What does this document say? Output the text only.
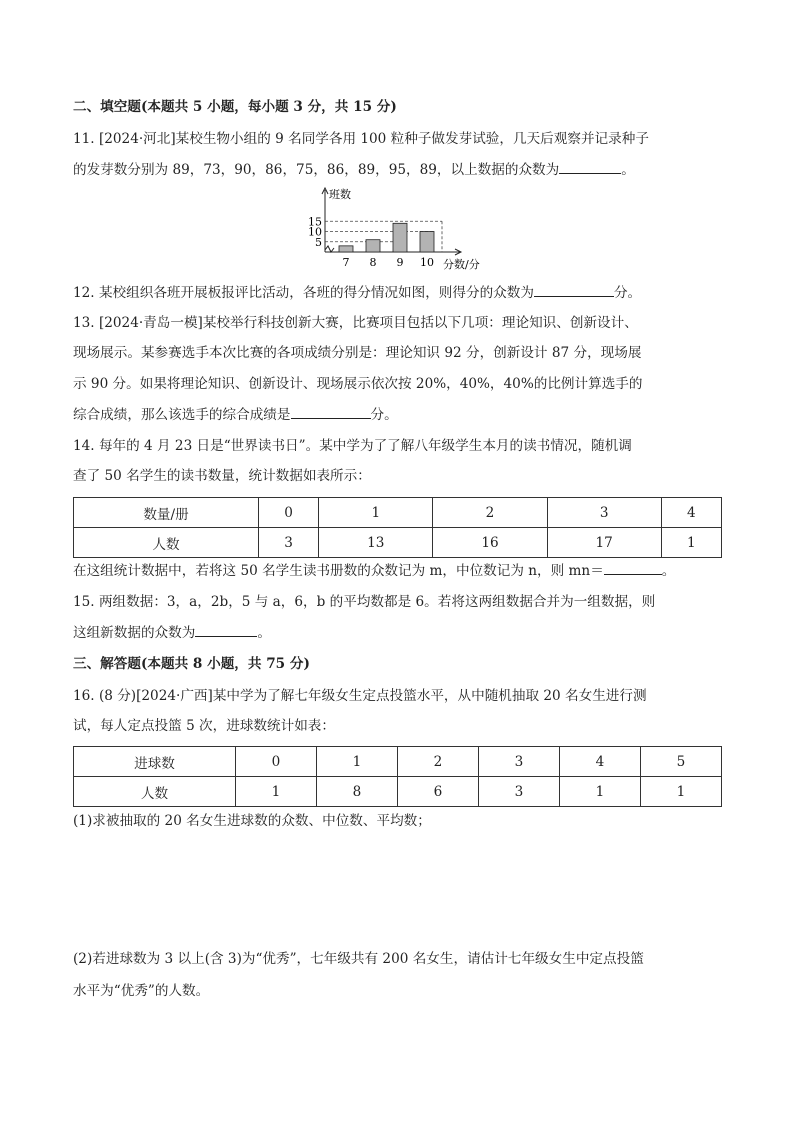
二、填空题(本题共 5 小题，每小题 3 分，共 15 分)
11. [2024·河北]某校生物小组的 9 名同学各用 100 粒种子做发芽试验，几天后观察并记录种子
的发芽数分别为 89，73，90，86，75，86，89，95，89，以上数据的众数为	。
班数
分数/分
5
10
15
7 8 9 10
12. 某校组织各班开展板报评比活动，各班的得分情况如图，则得分的众数为	分。
13. [2024·青岛一模]某校举行科技创新大赛，比赛项目包括以下几项：理论知识、创新设计、
现场展示。某参赛选手本次比赛的各项成绩分别是：理论知识 92 分，创新设计 87 分，现场展
示 90 分。如果将理论知识、创新设计、现场展示依次按 20%，40%，40%的比例计算选手的
综合成绩，那么该选手的综合成绩是	分。
14. 每年的 4 月 23 日是“世界读书日”。某中学为了了解八年级学生本月的读书情况，随机调
查了 50 名学生的读书数量，统计数据如表所示：
数量/册	0	1	2	3	4
人数	3	13	16	17	1
在这组统计数据中，若将这 50 名学生读书册数的众数记为 m，中位数记为 n，则 mn＝	。
15. 两组数据：3，a，2b，5 与 a，6，b 的平均数都是 6。若将这两组数据合并为一组数据，则
这组新数据的众数为	。
三、解答题(本题共 8 小题，共 75 分)
16. (8 分)[2024·广西]某中学为了解七年级女生定点投篮水平，从中随机抽取 20 名女生进行测
试，每人定点投篮 5 次，进球数统计如表：
进球数	0	1	2	3	4	5
人数	1	8	6	3	1	1
(1)求被抽取的 20 名女生进球数的众数、中位数、平均数；
(2)若进球数为 3 以上(含 3)为“优秀”，七年级共有 200 名女生，请估计七年级女生中定点投篮
水平为“优秀”的人数。
